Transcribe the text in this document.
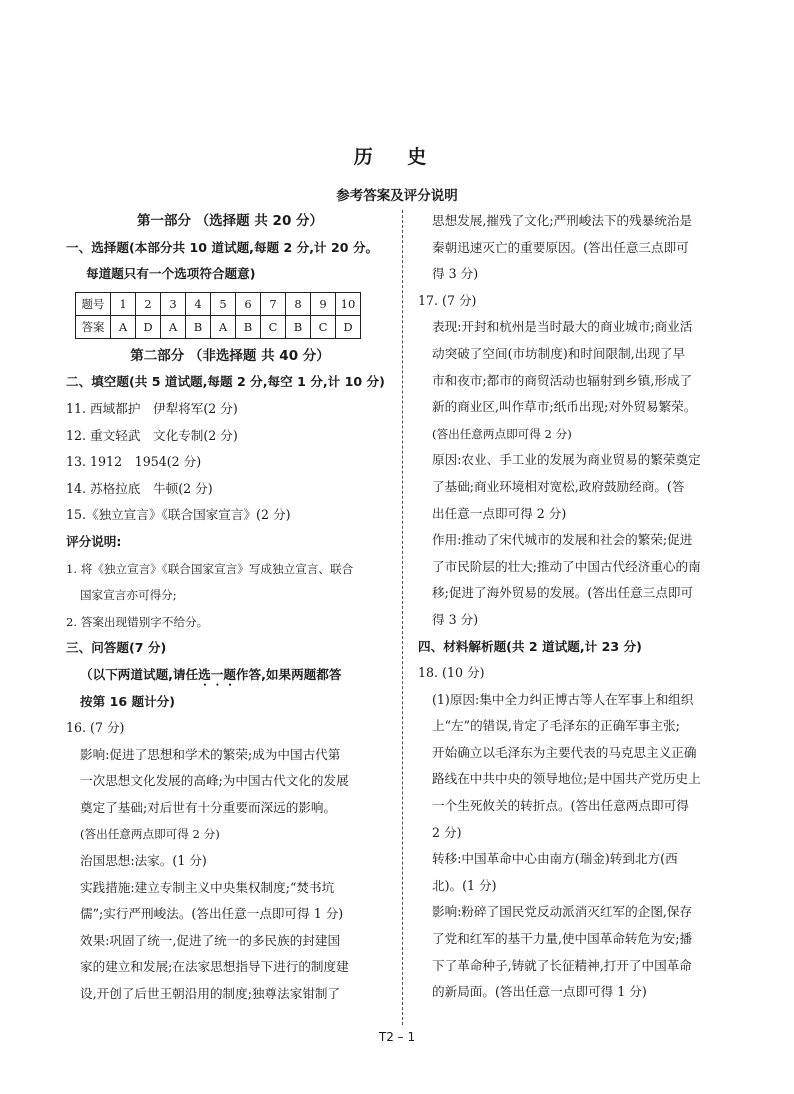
历 史
参考答案及评分说明
第一部分 （选择题 共 20 分）
一、选择题(本部分共 10 道试题,每题 2 分,计 20 分。
每道题只有一个选项符合题意)
题号	1	2	3	4	5	6	7	8	9	10
答案	A	D	A	B	A	B	C	B	C	D
第二部分 （非选择题 共 40 分）
二、填空题(共 5 道试题,每题 2 分,每空 1 分,计 10 分)
11. 西域都护　伊犁将军(2 分)
12. 重文轻武　文化专制(2 分)
13. 1912　1954(2 分)
14. 苏格拉底　牛顿(2 分)
15.《独立宣言》《联合国家宣言》(2 分)
评分说明:
1. 将《独立宣言》《联合国家宣言》写成独立宣言、联合
国家宣言亦可得分;
2. 答案出现错别字不给分。
三、问答题(7 分)
（以下两道试题,请任选一题作答,如果两题都答
按第 16 题计分)
16. (7 分)
影响:促进了思想和学术的繁荣;成为中国古代第
一次思想文化发展的高峰;为中国古代文化的发展
奠定了基础;对后世有十分重要而深远的影响。
(答出任意两点即可得 2 分)
治国思想:法家。(1 分)
实践措施:建立专制主义中央集权制度;“焚书坑
儒”;实行严刑峻法。(答出任意一点即可得 1 分)
效果:巩固了统一,促进了统一的多民族的封建国
家的建立和发展;在法家思想指导下进行的制度建
设,开创了后世王朝沿用的制度;独尊法家钳制了
思想发展,摧残了文化;严刑峻法下的残暴统治是
秦朝迅速灭亡的重要原因。(答出任意三点即可
得 3 分)
17. (7 分)
表现:开封和杭州是当时最大的商业城市;商业活
动突破了空间(市坊制度)和时间限制,出现了早
市和夜市;都市的商贸活动也辐射到乡镇,形成了
新的商业区,叫作草市;纸币出现;对外贸易繁荣。
(答出任意两点即可得 2 分)
原因:农业、手工业的发展为商业贸易的繁荣奠定
了基础;商业环境相对宽松,政府鼓励经商。(答
出任意一点即可得 2 分)
作用:推动了宋代城市的发展和社会的繁荣;促进
了市民阶层的壮大;推动了中国古代经济重心的南
移;促进了海外贸易的发展。(答出任意三点即可
得 3 分)
四、材料解析题(共 2 道试题,计 23 分)
18. (10 分)
(1)原因:集中全力纠正博古等人在军事上和组织
上“左”的错误,肯定了毛泽东的正确军事主张;
开始确立以毛泽东为主要代表的马克思主义正确
路线在中共中央的领导地位;是中国共产党历史上
一个生死攸关的转折点。(答出任意两点即可得
2 分)
转移:中国革命中心由南方(瑞金)转到北方(西
北)。(1 分)
影响:粉碎了国民党反动派消灭红军的企图,保存
了党和红军的基干力量,使中国革命转危为安;播
下了革命种子,铸就了长征精神,打开了中国革命
的新局面。(答出任意一点即可得 1 分)
T2 – 1
